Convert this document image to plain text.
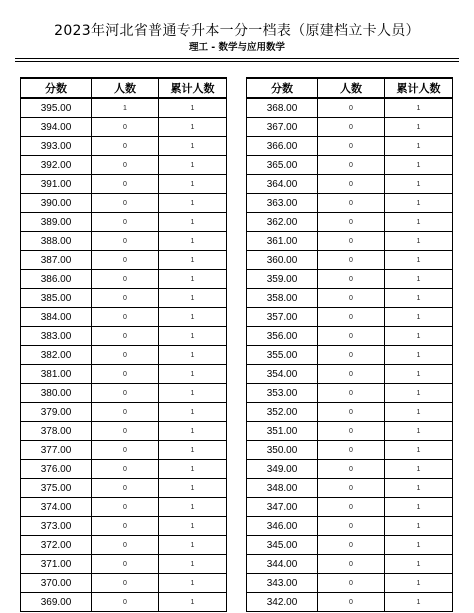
2023年河北省普通专升本一分一档表（原建档立卡人员）
理工 - 数学与应用数学
分数	人数	累计人数
395.00	1	1
394.00	0	1
393.00	0	1
392.00	0	1
391.00	0	1
390.00	0	1
389.00	0	1
388.00	0	1
387.00	0	1
386.00	0	1
385.00	0	1
384.00	0	1
383.00	0	1
382.00	0	1
381.00	0	1
380.00	0	1
379.00	0	1
378.00	0	1
377.00	0	1
376.00	0	1
375.00	0	1
374.00	0	1
373.00	0	1
372.00	0	1
371.00	0	1
370.00	0	1
369.00	0	1
分数	人数	累计人数
368.00	0	1
367.00	0	1
366.00	0	1
365.00	0	1
364.00	0	1
363.00	0	1
362.00	0	1
361.00	0	1
360.00	0	1
359.00	0	1
358.00	0	1
357.00	0	1
356.00	0	1
355.00	0	1
354.00	0	1
353.00	0	1
352.00	0	1
351.00	0	1
350.00	0	1
349.00	0	1
348.00	0	1
347.00	0	1
346.00	0	1
345.00	0	1
344.00	0	1
343.00	0	1
342.00	0	1
